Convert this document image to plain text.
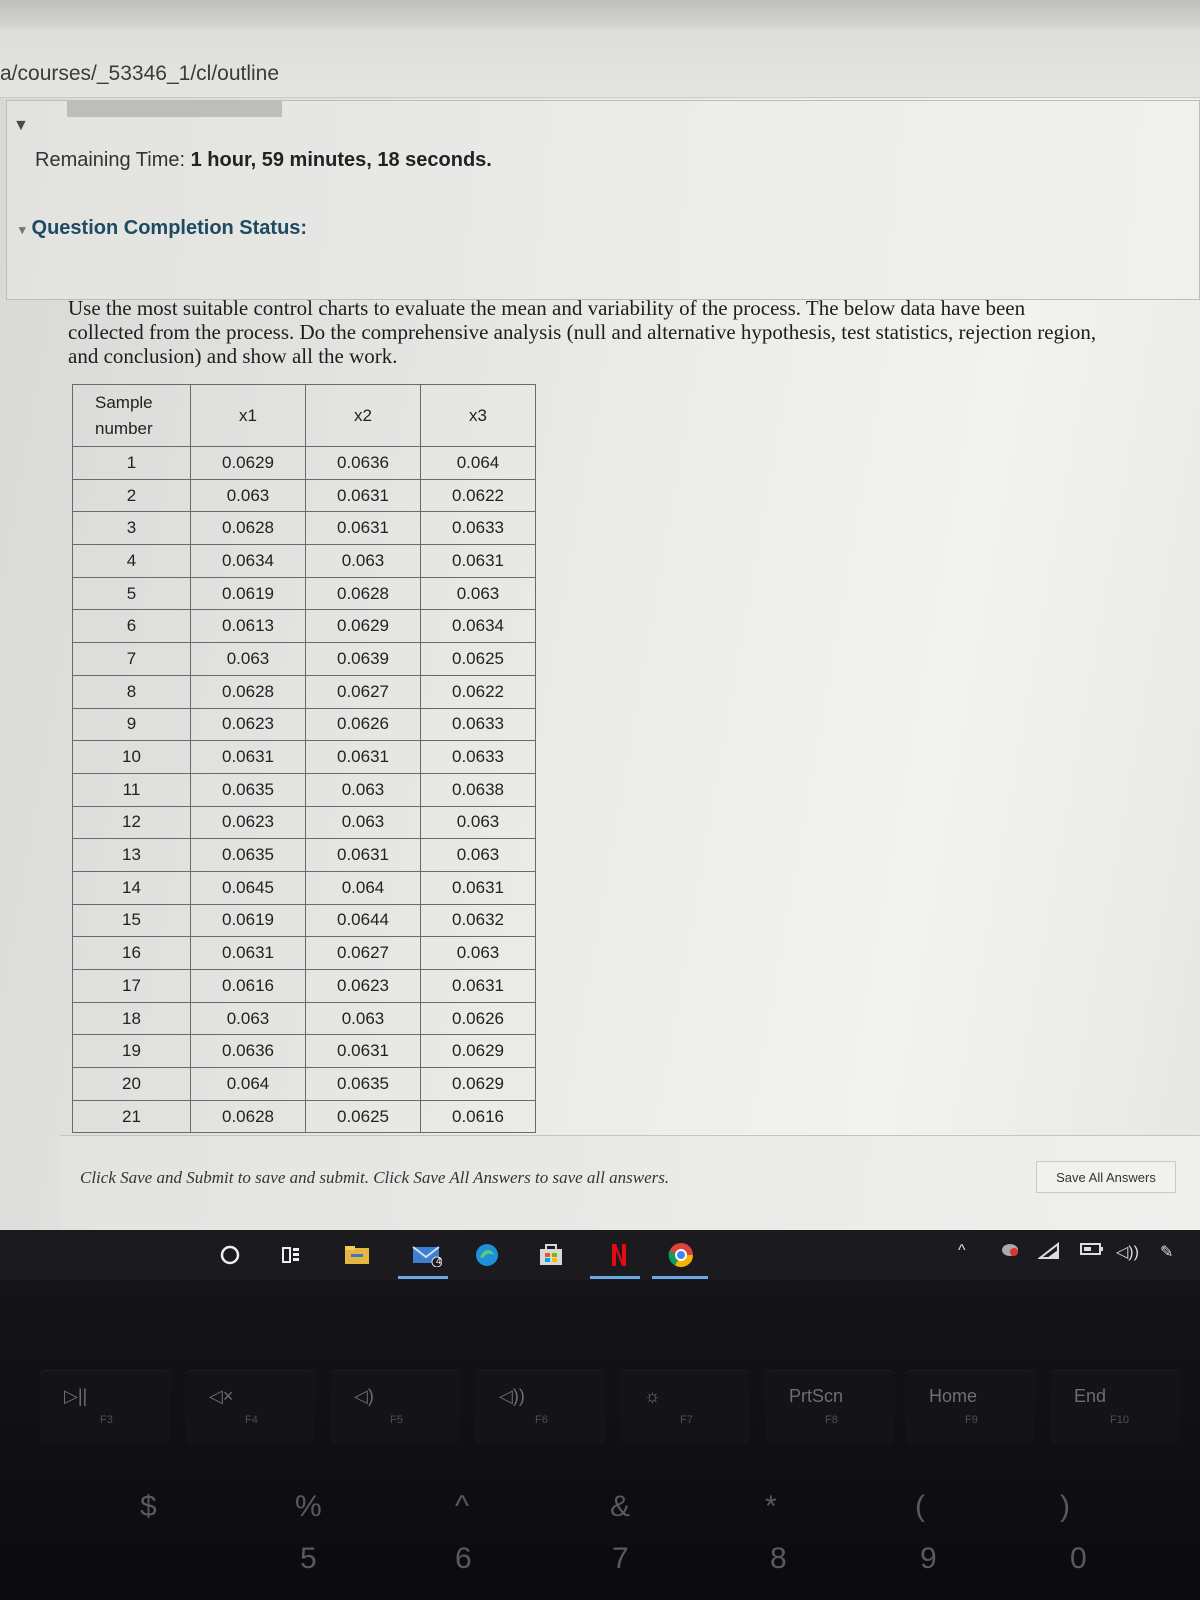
a/courses/_53346_1/cl/outline
▼
Remaining Time: 1 hour, 59 minutes, 18 seconds.
▾ Question Completion Status:
Use the most suitable control charts to evaluate the mean and variability of the process. The below data have been collected from the process. Do the comprehensive analysis (null and alternative hypothesis, test statistics, rejection region, and conclusion) and show all the work.
Sample number	x1	x2	x3
1	0.0629	0.0636	0.064
2	0.063	0.0631	0.0622
3	0.0628	0.0631	0.0633
4	0.0634	0.063	0.0631
5	0.0619	0.0628	0.063
6	0.0613	0.0629	0.0634
7	0.063	0.0639	0.0625
8	0.0628	0.0627	0.0622
9	0.0623	0.0626	0.0633
10	0.0631	0.0631	0.0633
11	0.0635	0.063	0.0638
12	0.0623	0.063	0.063
13	0.0635	0.0631	0.063
14	0.0645	0.064	0.0631
15	0.0619	0.0644	0.0632
16	0.0631	0.0627	0.063
17	0.0616	0.0623	0.0631
18	0.063	0.063	0.0626
19	0.0636	0.0631	0.0629
20	0.064	0.0635	0.0629
21	0.0628	0.0625	0.0616
Click Save and Submit to save and submit. Click Save All Answers to save all answers.	Save All Answers
4
^	◁)) ✎
▷||
F3
◁×
F4
◁)
F5
◁))
F6
☼
F7
PrtScn
F8
Home
F9
End
F10
$	%	^	&	*	(	)
5	6	7	8	9	0
